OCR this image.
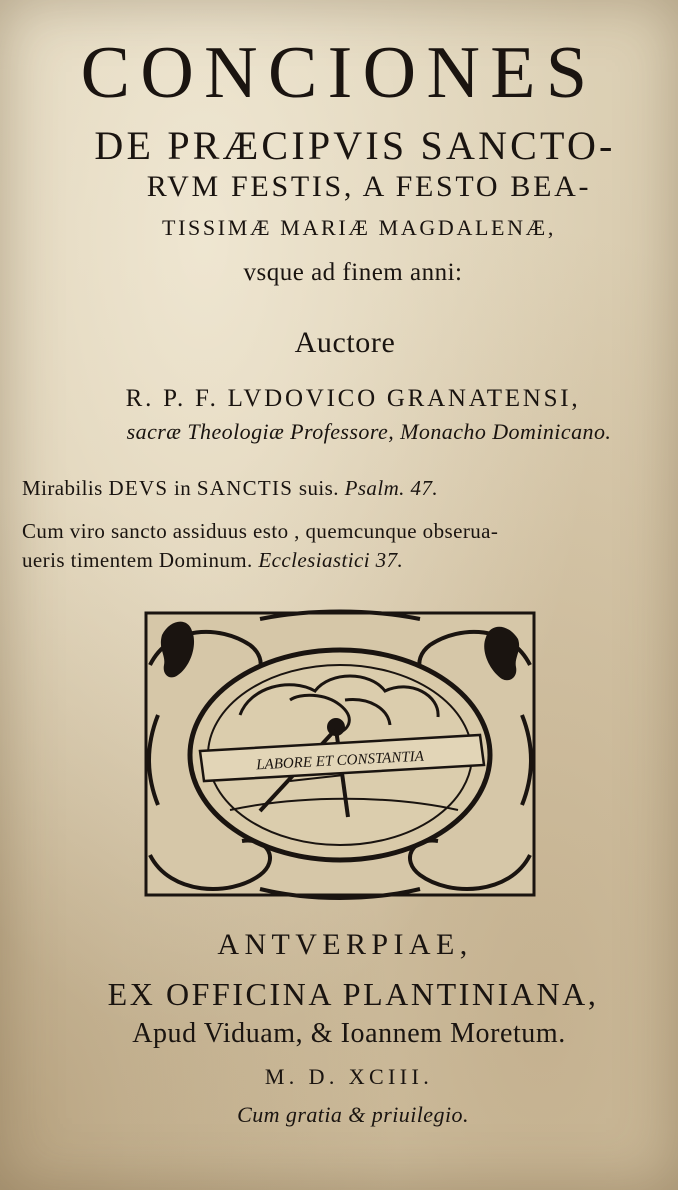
CONCIONES
DE PRÆCIPVIS SANCTO-
RVM FESTIS, A FESTO BEA-
TISSIMÆ MARIÆ MAGDALENÆ,
vsque ad finem anni:
Auctore
R. P. F. LVDOVICO GRANATENSI,
sacræ Theologiæ Professore, Monacho Dominicano.
Mirabilis DEVS in SANCTIS suis. Psalm. 47.
Cum viro sancto assiduus esto , quemcunque obserua-
ueris timentem Dominum. Ecclesiastici 37.
LABORE ET CONSTANTIA
ANTVERPIAE,
EX OFFICINA PLANTINIANA,
Apud Viduam, & Ioannem Moretum.
M. D. XCIII.
Cum gratia & priuilegio.
